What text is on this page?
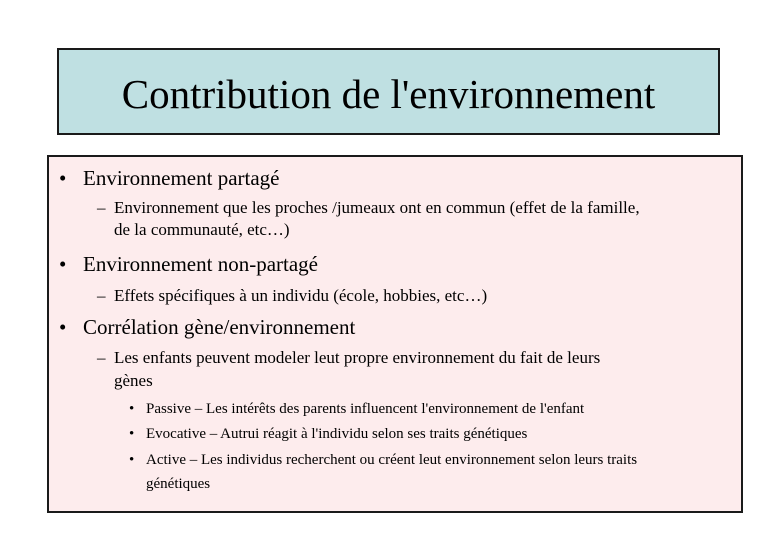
Contribution de l'environnement
• Environnement partagé
– Environnement que les proches /jumeaux ont en commun (effet de la famille,
de la communauté, etc…)
• Environnement non-partagé
– Effets spécifiques à un individu (école, hobbies, etc…)
• Corrélation gène/environnement
– Les enfants peuvent modeler leut propre environnement du fait de leurs
gènes
• Passive – Les intérêts des parents influencent l'environnement de l'enfant
• Evocative – Autrui réagit à l'individu selon ses traits génétiques
• Active – Les individus recherchent ou créent leut environnement selon leurs traits
génétiques
